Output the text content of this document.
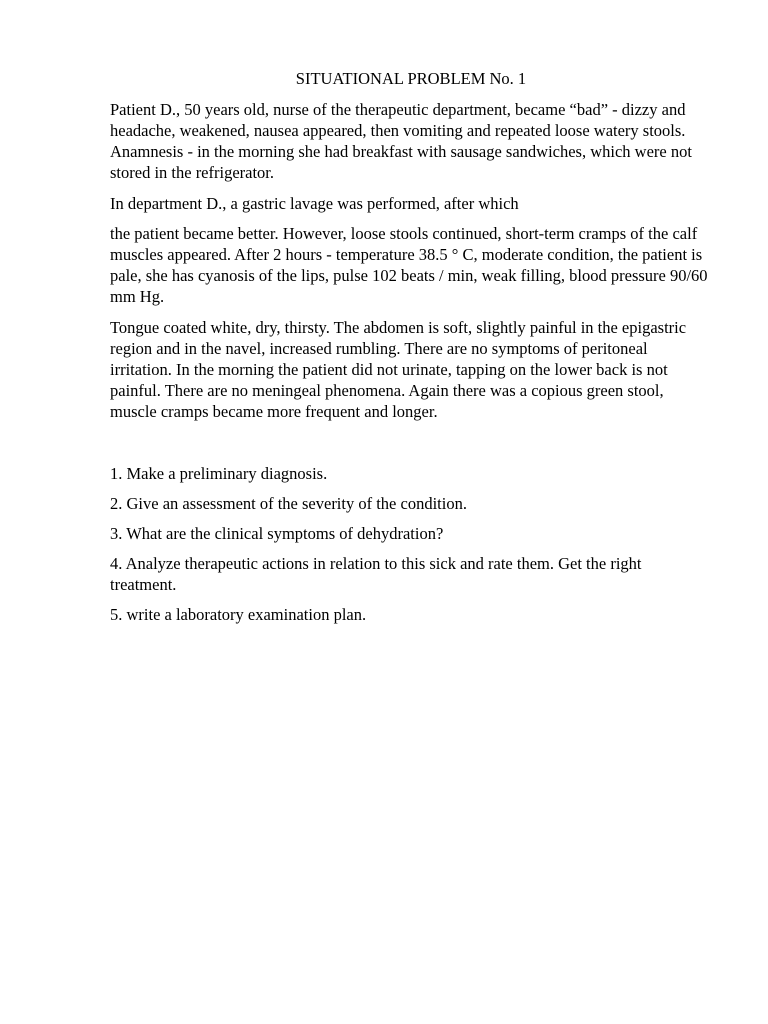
SITUATIONAL PROBLEM No. 1

Patient D., 50 years old, nurse of the therapeutic department, became “bad” - dizzy and headache, weakened, nausea appeared, then vomiting and repeated loose watery stools. Anamnesis - in the morning she had breakfast with sausage sandwiches, which were not stored in the refrigerator.

In department D., a gastric lavage was performed, after which

the patient became better. However, loose stools continued, short-term cramps of the calf muscles appeared. After 2 hours - temperature 38.5 ° C, moderate condition, the patient is pale, she has cyanosis of the lips, pulse 102 beats / min, weak filling, blood pressure 90/60 mm Hg.

Tongue coated white, dry, thirsty. The abdomen is soft, slightly painful in the epigastric region and in the navel, increased rumbling. There are no symptoms of peritoneal irritation. In the morning the patient did not urinate, tapping on the lower back is not painful. There are no meningeal phenomena. Again there was a copious green stool, muscle cramps became more frequent and longer.

1. Make a preliminary diagnosis.

2. Give an assessment of the severity of the condition.

3. What are the clinical symptoms of dehydration?

4. Analyze therapeutic actions in relation to this sick and rate them. Get the right treatment.

5. write a laboratory examination plan.
